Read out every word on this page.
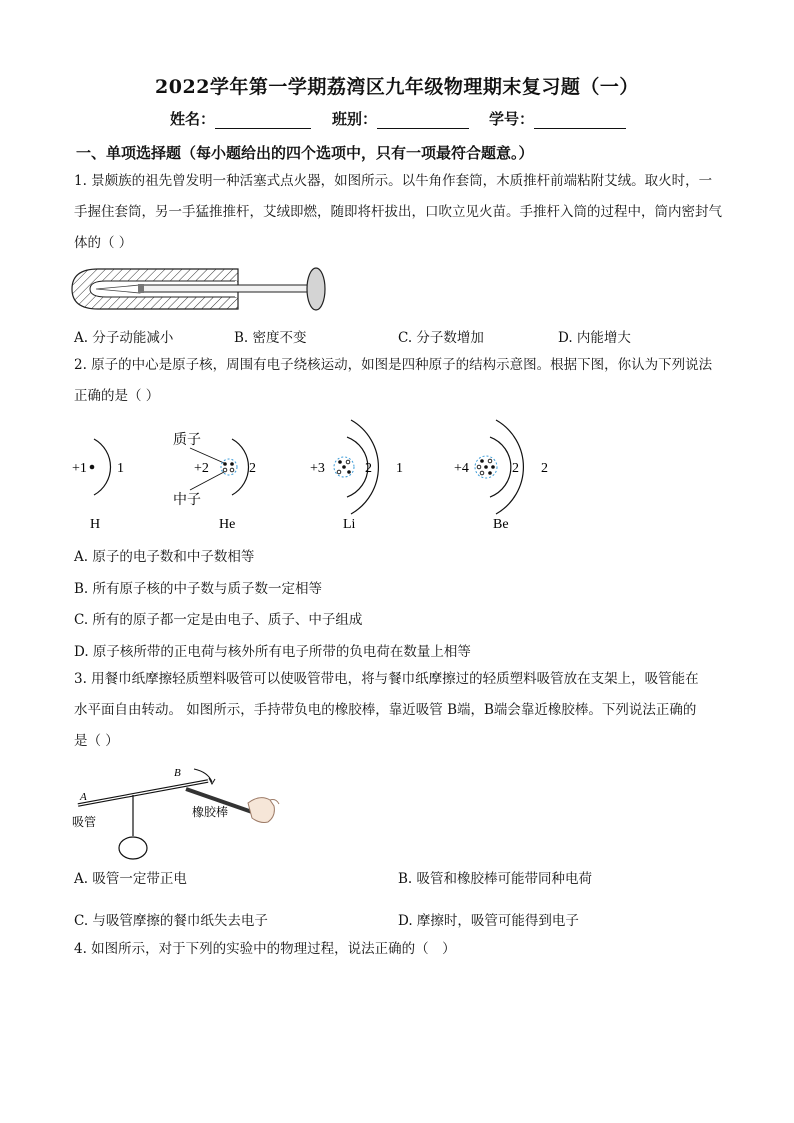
2022学年第一学期荔湾区九年级物理期末复习题（一）
姓名：	班别：	学号：
一、单项选择题（每小题给出的四个选项中，只有一项最符合题意。）
1. 景颇族的祖先曾发明一种活塞式点火器，如图所示。以牛角作套筒，木质推杆前端粘附艾绒。取火时，一手握住套筒，另一手猛推推杆，艾绒即燃，随即将杆拔出，口吹立见火苗。手推杆入筒的过程中，筒内密封气体的（ ）
A. 分子动能减小	B. 密度不变	C. 分子数增加	D. 内能增大
2. 原子的中心是原子核，周围有电子绕核运动，如图是四种原子的结构示意图。根据下图，你认为下列说法正确的是（ ）
+1 1
H
质子
中子
+2	2
He
+3	2 1
Li
+4	2 2
Be
A. 原子的电子数和中子数相等
B. 所有原子核的中子数与质子数一定相等
C. 所有的原子都一定是由电子、质子、中子组成
D. 原子核所带的正电荷与核外所有电子所带的负电荷在数量上相等
3. 用餐巾纸摩擦轻质塑料吸管可以使吸管带电，将与餐巾纸摩擦过的轻质塑料吸管放在支架上，吸管能在
水平面自由转动。 如图所示，手持带负电的橡胶棒，靠近吸管 B端，B端会靠近橡胶棒。下列说法正确的
是（ ）
A
B
吸管
橡胶棒
A. 吸管一定带正电	B. 吸管和橡胶棒可能带同种电荷
C. 与吸管摩擦的餐巾纸失去电子	D. 摩擦时，吸管可能得到电子
4. 如图所示，对于下列的实验中的物理过程，说法正确的（　）
